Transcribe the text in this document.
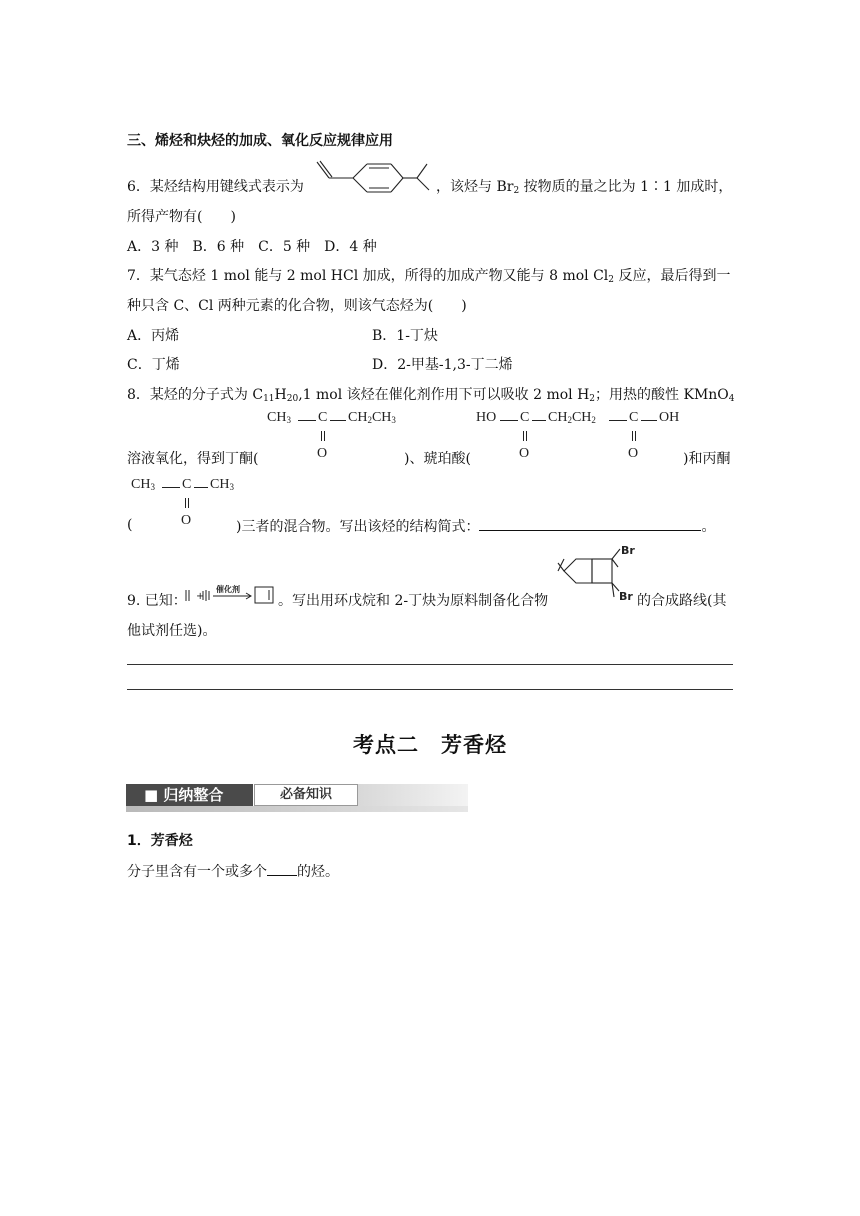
三、烯烃和炔烃的加成、氧化反应规律应用
6．某烃结构用键线式表示为	，该烃与 $Br_2$ 按物质的量之比为 1∶1 加成时，
所得产物有(　　)
A．3 种　B．6 种　C．5 种　D．4 种
7．某气态烃 1 mol 能与 2 mol HCl 加成，所得的加成产物又能与 8 mol $Cl_2$ 反应，最后得到一
种只含 C、Cl 两种元素的化合物，则该气态烃为(　　)
A．丙烯	B．1-丁炔
C．丁烯	D．2-甲基-1,3-丁二烯
8．某烃的分子式为 $C_{11}H_{20},1$ mol 该烃在催化剂作用下可以吸收 2 mol $H_2$；用热的酸性 KMnO$_4$
$CH_3$ C $CH_2CH_3$
O
HO C $CH_2CH_2$ C OH
O	O
溶液氧化，得到丁酮(	)、琥珀酸(	)和丙酮
$CH_3$ C $CH_3$
O
(	)三者的混合物。写出该烃的结构简式：	。
9. 已知： +
催化剂
。写出用环戊烷和 2-丁炔为原料制备化合物
Br
Br 的合成路线(其
他试剂任选)。
考点二　芳香烃
■ 归纳整合	必备知识
1．芳香烃
分子里含有一个或多个 的烃。
